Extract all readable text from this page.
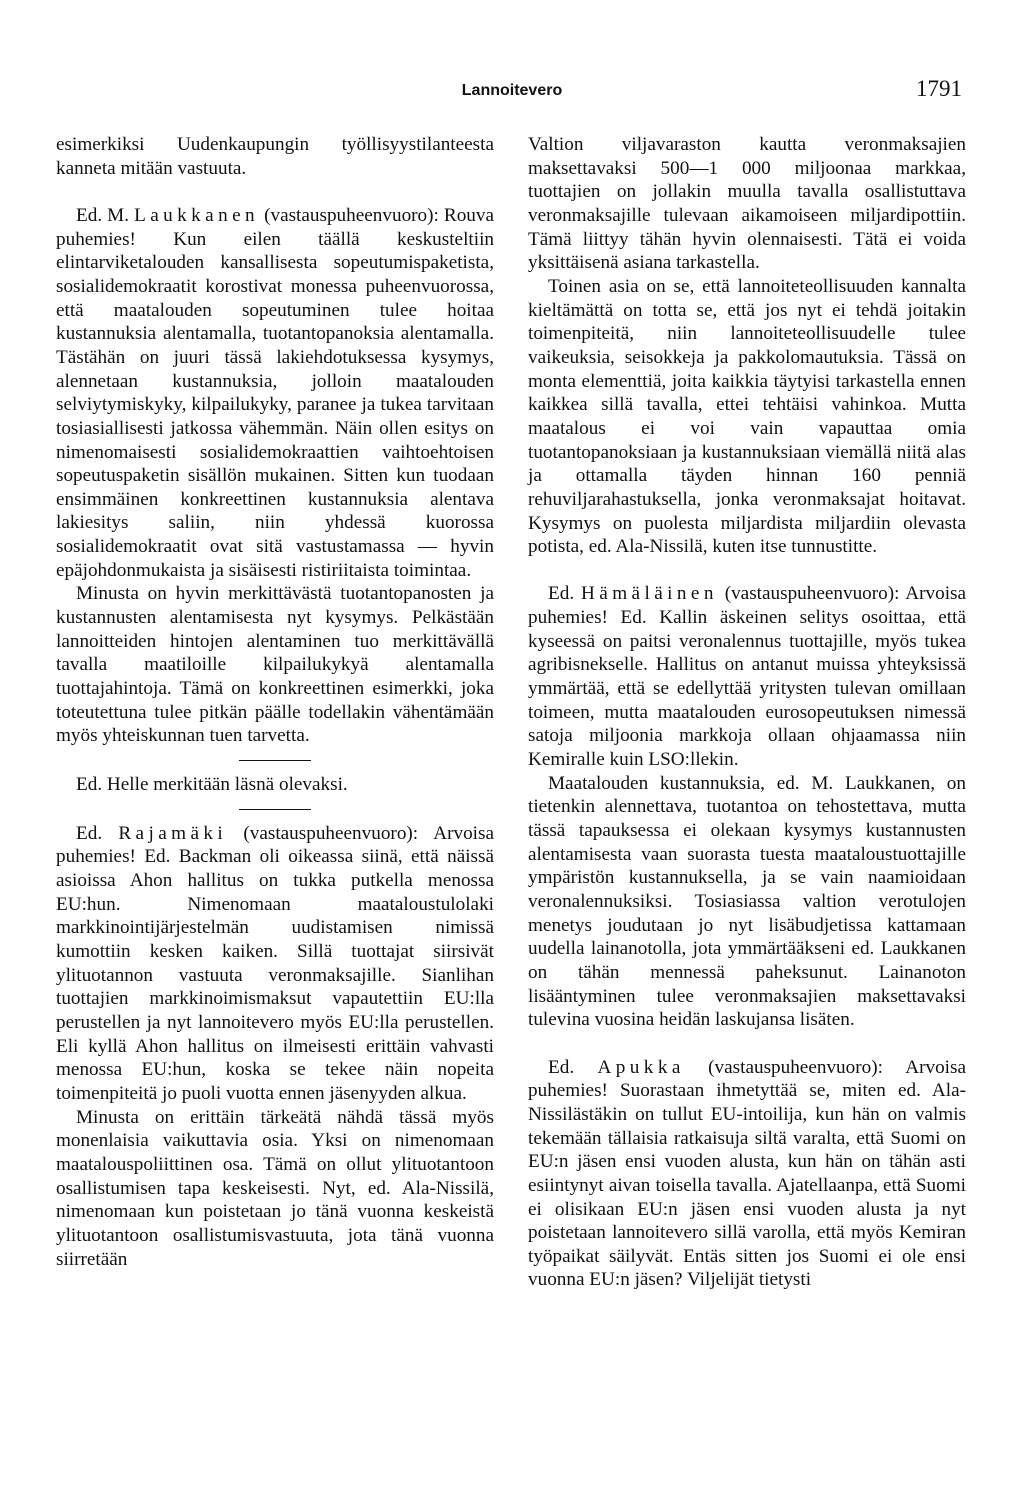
Lannoitevero	1791

esimerkiksi Uudenkaupungin työllisyystilanteesta kanneta mitään vastuuta.

Ed. M. Laukkanen (vastauspuheenvuoro): Rouva puhemies! Kun eilen täällä keskusteltiin elintarviketalouden kansallisesta sopeutumispaketista, sosialidemokraatit korostivat monessa puheenvuorossa, että maatalouden sopeutuminen tulee hoitaa kustannuksia alentamalla, tuotantopanoksia alentamalla. Tästähän on juuri tässä lakiehdotuksessa kysymys, alennetaan kustannuksia, jolloin maatalouden selviytymiskyky, kilpailukyky, paranee ja tukea tarvitaan tosiasiallisesti jatkossa vähemmän. Näin ollen esitys on nimenomaisesti sosialidemokraattien vaihtoehtoisen sopeutuspaketin sisällön mukainen. Sitten kun tuodaan ensimmäinen konkreettinen kustannuksia alentava lakiesitys saliin, niin yhdessä kuorossa sosialidemokraatit ovat sitä vastustamassa — hyvin epäjohdonmukaista ja sisäisesti ristiriitaista toimintaa.

Minusta on hyvin merkittävästä tuotantopanosten ja kustannusten alentamisesta nyt kysymys. Pelkästään lannoitteiden hintojen alentaminen tuo merkittävällä tavalla maatiloille kilpailukykyä alentamalla tuottajahintoja. Tämä on konkreettinen esimerkki, joka toteutettuna tulee pitkän päälle todellakin vähentämään myös yhteiskunnan tuen tarvetta.

Ed. Helle merkitään läsnä olevaksi.

Ed. Rajamäki (vastauspuheenvuoro): Arvoisa puhemies! Ed. Backman oli oikeassa siinä, että näissä asioissa Ahon hallitus on tukka putkella menossa EU:hun. Nimenomaan maataloustulolaki markkinointijärjestelmän uudistamisen nimissä kumottiin kesken kaiken. Sillä tuottajat siirsivät ylituotannon vastuuta veronmaksajille. Sianlihan tuottajien markkinoimismaksut vapautettiin EU:lla perustellen ja nyt lannoitevero myös EU:lla perustellen. Eli kyllä Ahon hallitus on ilmeisesti erittäin vahvasti menossa EU:hun, koska se tekee näin nopeita toimenpiteitä jo puoli vuotta ennen jäsenyyden alkua.

Minusta on erittäin tärkeätä nähdä tässä myös monenlaisia vaikuttavia osia. Yksi on nimenomaan maatalouspoliittinen osa. Tämä on ollut ylituotantoon osallistumisen tapa keskeisesti. Nyt, ed. Ala-Nissilä, nimenomaan kun poistetaan jo tänä vuonna keskeistä ylituotantoon osallistumisvastuuta, jota tänä vuonna siirretään

Valtion viljavaraston kautta veronmaksajien maksettavaksi 500—1 000 miljoonaa markkaa, tuottajien on jollakin muulla tavalla osallistuttava veronmaksajille tulevaan aikamoiseen miljardipottiin. Tämä liittyy tähän hyvin olennaisesti. Tätä ei voida yksittäisenä asiana tarkastella.

Toinen asia on se, että lannoiteteollisuuden kannalta kieltämättä on totta se, että jos nyt ei tehdä joitakin toimenpiteitä, niin lannoiteteollisuudelle tulee vaikeuksia, seisokkeja ja pakkolomautuksia. Tässä on monta elementtiä, joita kaikkia täytyisi tarkastella ennen kaikkea sillä tavalla, ettei tehtäisi vahinkoa. Mutta maatalous ei voi vain vapauttaa omia tuotantopanoksiaan ja kustannuksiaan viemällä niitä alas ja ottamalla täyden hinnan 160 penniä rehuviljarahastuksella, jonka veronmaksajat hoitavat. Kysymys on puolesta miljardista miljardiin olevasta potista, ed. Ala-Nissilä, kuten itse tunnustitte.

Ed. Hämäläinen (vastauspuheenvuoro): Arvoisa puhemies! Ed. Kallin äskeinen selitys osoittaa, että kyseessä on paitsi veronalennus tuottajille, myös tukea agribisnekselle. Hallitus on antanut muissa yhteyksissä ymmärtää, että se edellyttää yritysten tulevan omillaan toimeen, mutta maatalouden eurosopeutuksen nimessä satoja miljoonia markkoja ollaan ohjaamassa niin Kemiralle kuin LSO:llekin.

Maatalouden kustannuksia, ed. M. Laukkanen, on tietenkin alennettava, tuotantoa on tehostettava, mutta tässä tapauksessa ei olekaan kysymys kustannusten alentamisesta vaan suorasta tuesta maataloustuottajille ympäristön kustannuksella, ja se vain naamioidaan veronalennuksiksi. Tosiasiassa valtion verotulojen menetys joudutaan jo nyt lisäbudjetissa kattamaan uudella lainanotolla, jota ymmärtääkseni ed. Laukkanen on tähän mennessä paheksunut. Lainanoton lisääntyminen tulee veronmaksajien maksettavaksi tulevina vuosina heidän laskujansa lisäten.

Ed. Apukka (vastauspuheenvuoro): Arvoisa puhemies! Suorastaan ihmetyttää se, miten ed. Ala-Nissilästäkin on tullut EU-intoilija, kun hän on valmis tekemään tällaisia ratkaisuja siltä varalta, että Suomi on EU:n jäsen ensi vuoden alusta, kun hän on tähän asti esiintynyt aivan toisella tavalla. Ajatellaanpa, että Suomi ei olisikaan EU:n jäsen ensi vuoden alusta ja nyt poistetaan lannoitevero sillä varolla, että myös Kemiran työpaikat säilyvät. Entäs sitten jos Suomi ei ole ensi vuonna EU:n jäsen? Viljelijät tietysti
